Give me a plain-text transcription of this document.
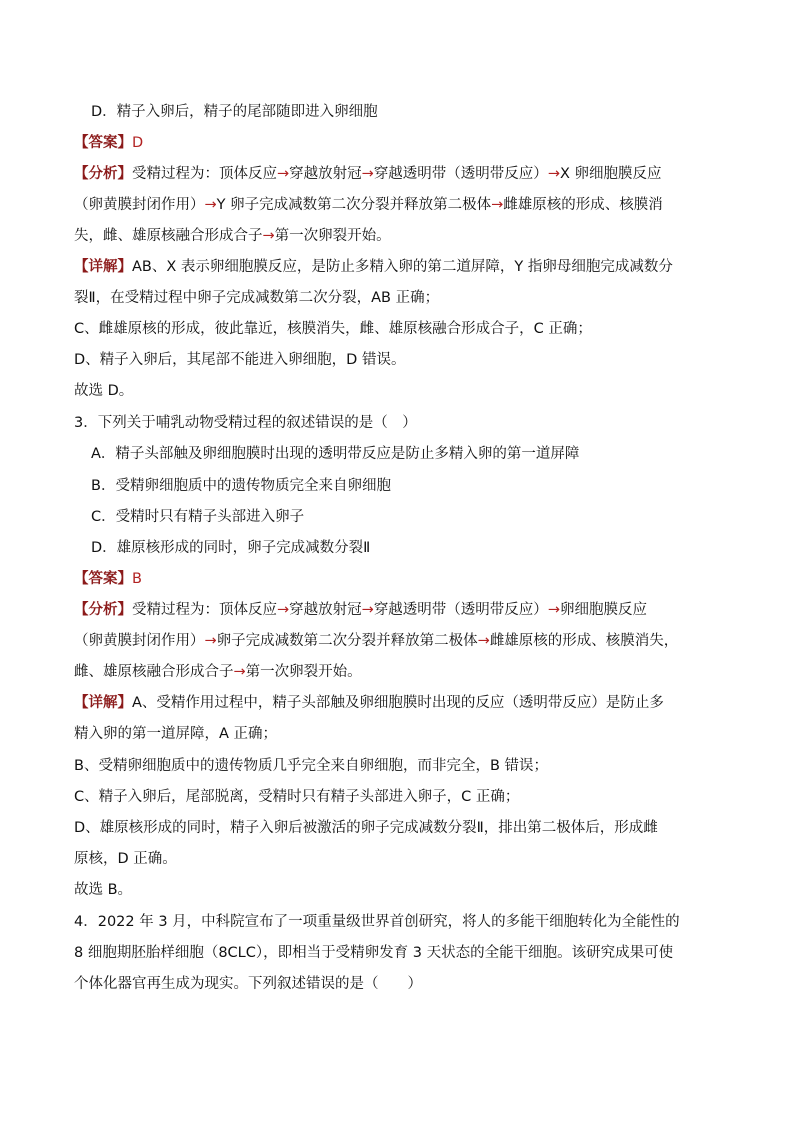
D．精子入卵后，精子的尾部随即进入卵细胞
【答案】D
【分析】受精过程为：顶体反应→穿越放射冠→穿越透明带（透明带反应）→X 卵细胞膜反应
（卵黄膜封闭作用）→Y 卵子完成减数第二次分裂并释放第二极体→雌雄原核的形成、核膜消
失，雌、雄原核融合形成合子→第一次卵裂开始。
【详解】AB、X 表示卵细胞膜反应，是防止多精入卵的第二道屏障，Y 指卵母细胞完成减数分
裂Ⅱ，在受精过程中卵子完成减数第二次分裂，AB 正确；
C、雌雄原核的形成，彼此靠近，核膜消失，雌、雄原核融合形成合子，C 正确；
D、精子入卵后，其尾部不能进入卵细胞，D 错误。
故选 D。
3．下列关于哺乳动物受精过程的叙述错误的是（　）
A．精子头部触及卵细胞膜时出现的透明带反应是防止多精入卵的第一道屏障
B．受精卵细胞质中的遗传物质完全来自卵细胞
C．受精时只有精子头部进入卵子
D．雄原核形成的同时，卵子完成减数分裂Ⅱ
【答案】B
【分析】受精过程为：顶体反应→穿越放射冠→穿越透明带（透明带反应）→卵细胞膜反应
（卵黄膜封闭作用）→卵子完成减数第二次分裂并释放第二极体→雌雄原核的形成、核膜消失，
雌、雄原核融合形成合子→第一次卵裂开始。
【详解】A、受精作用过程中，精子头部触及卵细胞膜时出现的反应（透明带反应）是防止多
精入卵的第一道屏障，A 正确；
B、受精卵细胞质中的遗传物质几乎完全来自卵细胞，而非完全，B 错误；
C、精子入卵后，尾部脱离，受精时只有精子头部进入卵子，C 正确；
D、雄原核形成的同时，精子入卵后被激活的卵子完成减数分裂Ⅱ，排出第二极体后，形成雌
原核，D 正确。
故选 B。
4．2022 年 3 月，中科院宣布了一项重量级世界首创研究，将人的多能干细胞转化为全能性的
8 细胞期胚胎样细胞（8CLC），即相当于受精卵发育 3 天状态的全能干细胞。该研究成果可使
个体化器官再生成为现实。下列叙述错误的是（　　）
